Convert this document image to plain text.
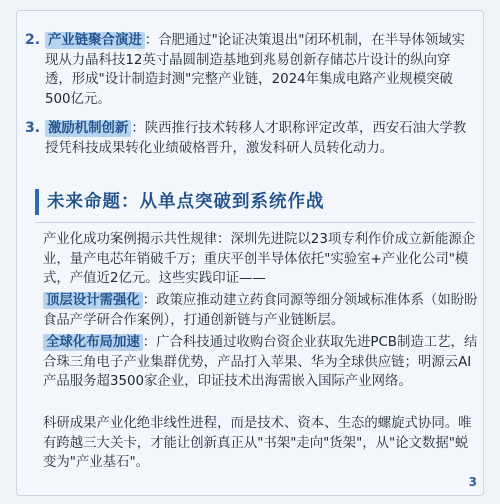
2. 产业链聚合演进 ：合肥通过"论证决策退出"闭环机制，在半导体领域实现从力晶科技12英寸晶圆制造基地到兆易创新存储芯片设计的纵向穿透，形成"设计制造封测"完整产业链，2024年集成电路产业规模突破500亿元。
3. 激励机制创新 ：陕西推行技术转移人才职称评定改革，西安石油大学教授凭科技成果转化业绩破格晋升，激发科研人员转化动力。
未来命题：从单点突破到系统作战
产业化成功案例揭示共性规律：深圳先进院以23项专利作价成立新能源企业，量产电芯年销破千万；重庆平创半导体依托"实验室+产业化公司"模式，产值近2亿元。这些实践印证——
顶层设计需强化 ：政策应推动建立药食同源等细分领域标准体系（如盼盼食品产学研合作案例），打通创新链与产业链断层。
全球化布局加速 ：广合科技通过收购台资企业获取先进PCB制造工艺，结合珠三角电子产业集群优势，产品打入苹果、华为全球供应链；明源云AI产品服务超3500家企业，印证技术出海需嵌入国际产业网络。
科研成果产业化绝非线性进程，而是技术、资本、生态的螺旋式协同。唯有跨越三大关卡，才能让创新真正从"书架"走向"货架"，从"论文数据"蜕变为"产业基石"。
3
